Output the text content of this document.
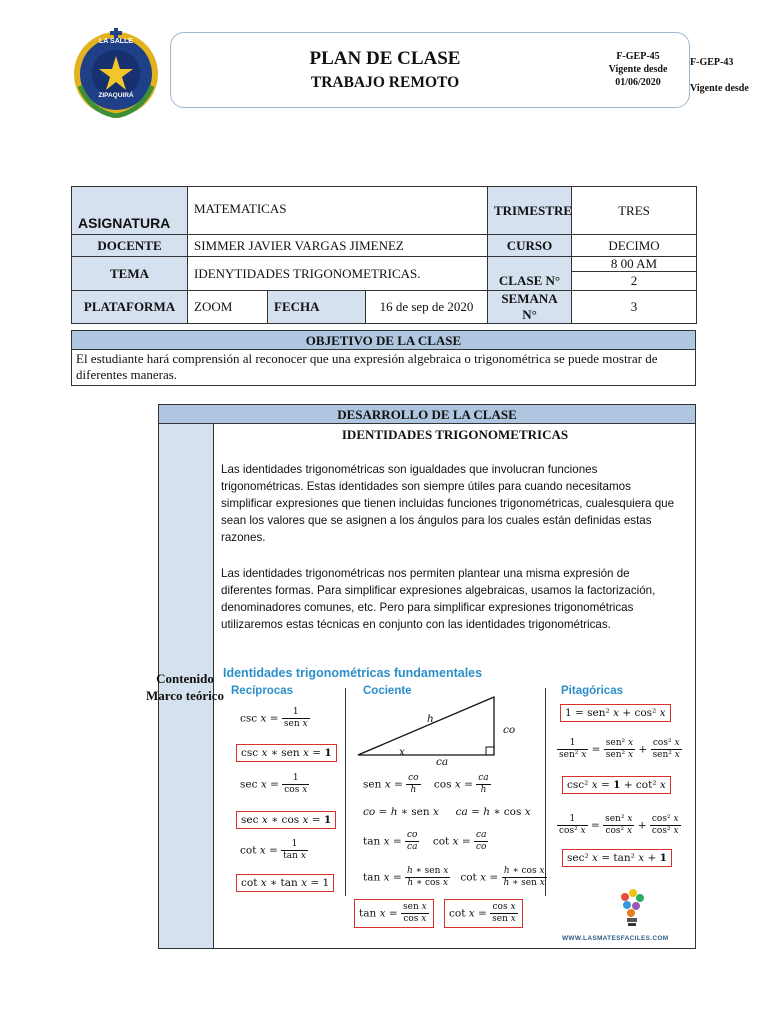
LA SALLE
ZIPAQUIRÁ
PLAN DE CLASE
TRABAJO REMOTO
F-GEP-45
Vigente desde
01/06/2020
F-GEP-43
Vigente desde
ASIGNATURA	MATEMATICAS			TRIMESTRE	TRES
DOCENTE	SIMMER JAVIER VARGAS JIMENEZ			CURSO	DECIMO
TEMA	IDENYTIDADES TRIGONOMETRICAS.				8 00 AM
				CLASE N°	2
PLATAFORMA	ZOOM	FECHA	16 de sep de 2020	SEMANA N°	3
OBJETIVO DE LA CLASE
El estudiante hará comprensión al reconocer que una expresión algebraica o trigonométrica se puede mostrar de diferentes maneras.
DESARROLLO DE LA CLASE
Contenido
Marco teórico
IDENTIDADES TRIGONOMETRICAS
Las identidades trigonométricas son igualdades que involucran funciones trigonométricas. Estas identidades son siempre útiles para cuando necesitamos simplificar expresiones que tienen incluidas funciones trigonométricas, cualesquiera que sean los valores que se asignen a los ángulos para los cuales están definidas estas razones.
Las identidades trigonométricas nos permiten plantear una misma expresión de diferentes formas. Para simplificar expresiones algebraicas, usamos la factorización, denominadores comunes, etc. Pero para simplificar expresiones trigonométricas utilizaremos estas técnicas en conjunto con las identidades trigonométricas.
Identidades trigonométricas fundamentales
Recíprocas	Cociente	Pitagóricas
$\csc x = \frac{1}{\text{sen x}}$
csc x ∗ sen x = 1
$\sec x = \frac{1}{\text{cos x}}$
sec x ∗ cos x = 1
$\cot x = \frac{1}{\text{tan x}}$
cot x ∗ tan x = 1
h
co
ca
x
sen $x = \frac{co}{h}$ $\cos x = \frac{ca}{h}$
co = h ∗ sen x ca = h ∗ cos x
$\tan x = \frac{co}{ca}$ $\cot x = \frac{ca}{co}$
$\tan x = \frac{\text{h ∗ sen x}}{\text{h ∗ cos x}}$ $\cot x = \frac{\text{h ∗ cos x}}{\text{h ∗ sen x}}$
$\tan x = \frac{\text{sen x}}{\text{cos x}}$	$\cot x = \frac{\text{cos x}}{\text{sen x}}$
1 = sen² x + cos² x
$\frac{1}{\text{sen² x}} = \frac{\text{sen² x}}{\text{sen² x}} + \frac{\text{cos² x}}{\text{sen² x}}$
csc² x = 1 + cot² x
$\frac{1}{\text{cos² x}} = \frac{\text{sen² x}}{\text{cos² x}} + \frac{\text{cos² x}}{\text{cos² x}}$
sec² x = tan² x + 1
WWW.LASMATESFACILES.COM
